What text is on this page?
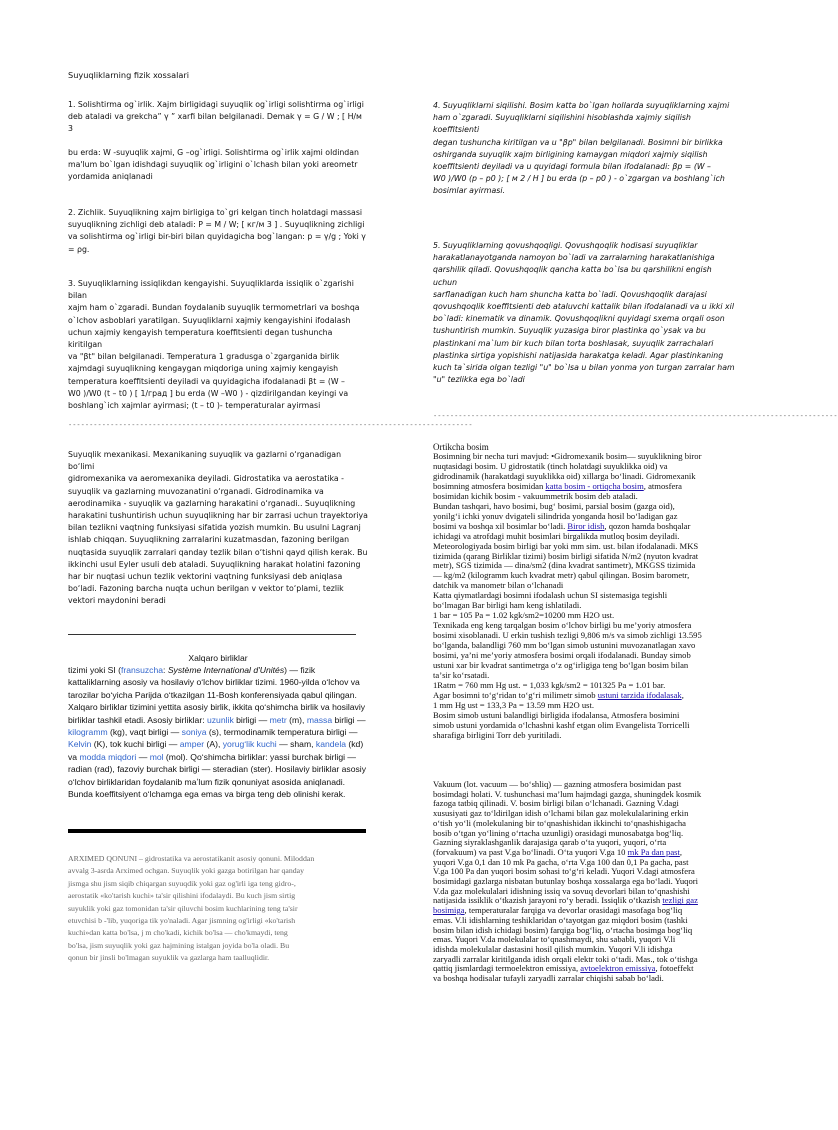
Suyuqliklarning fizik xossalari
1. Solishtirma og`irlik. Xajm birligidagi suyuqlik og`irligi solishtirma og`irligi
deb ataladi va grekcha” γ ” xarfi bilan belgilanadi. Demak γ = G / W ; [ Н/м 3
bu erda: W -suyuqlik xajmi, G –og`irligi. Solishtirma og`irlik xajmi oldindan
ma'lum bo`lgan idishdagi suyuqlik og`irligini o`lchash bilan yoki areometr
yordamida aniqlanadi
2. Zichlik. Suyuqlikning xajm birligiga to`gri kelgan tinch holatdagi massasi
suyuqlikning zichligi deb ataladi: P = M / W; [ кг/м 3 ] . Suyuqlikning zichligi
va solishtirma og`irligi bir-biri bilan quyidagicha bog`langan: р = γ/g ; Yoki γ
= ρg.
3. Suyuqliklarning issiqlikdan kengayishi. Suyuqliklarda issiqlik o`zgarishi bilan
xajm ham o`zgaradi. Bundan foydalanib suyuqlik termometrlari va boshqa
o`lchov asboblari yaratilgan. Suyuqliklarni xajmiy kengayishini ifodalash
uchun xajmiy kengayish temperatura koeffitsienti degan tushuncha kiritilgan
va "βt" bilan belgilanadi. Temperatura 1 gradusga o`zgarganida birlik
xajmdagi suyuqlikning kengaygan miqdoriga uning xajmiy kengayish
temperatura koeffitsienti deyiladi va quyidagicha ifodalanadi βt = (W –
W0 )/W0 (t – t0 ) [ 1/град ] bu erda (W –W0 ) - qizdirilgandan keyingi va
boshlang`ich xajmlar ayirmasi; (t – t0 )- temperaturalar ayirmasi
------------------------------------------------------------------------------------------------
Suyuqlik mexanikasi. Mexanikaning suyuqlik va gazlarni o‘rganadigan bo‘limi
gidromexanika va aeromexanika deyiladi. Gidrostatika va aerostatika -
suyuqlik va gazlarning muvozanatini o‘rganadi. Gidrodinamika va
aerodinamika - suyuqlik va gazlarning harakatini o‘rganadi.. Suyuqlikning
harakatini tushuntirish uchun suyuqlikning har bir zarrasi uchun trayektoriya
bilan tezlikni vaqtning funksiyasi sifatida yozish mumkin. Bu usulni Lagranj
ishlab chiqqan. Suyuqlikning zarralarini kuzatmasdan, fazoning berilgan
nuqtasida suyuqlik zarralari qanday tezlik bilan o‘tishni qayd qilish kerak. Bu
ikkinchi usul Eyler usuli deb ataladi. Suyuqlikning harakat holatini fazoning
har bir nuqtasi uchun tezlik vektorini vaqtning funksiyasi deb aniqlasa
bo‘ladi. Fazoning barcha nuqta uchun berilgan v vektor to‘plami, tezlik
vektori maydonini beradi
Xalqaro birliklar
tizimi yoki SI (fransuzcha: Système International d'Unités) — fizik kattaliklarning asosiy va hosilaviy oʻlchov birliklar tizimi. 1960-yilda oʻlchov va tarozilar boʻyicha Parijda oʻtkazilgan 11-Bosh konferensiyada qabul qilingan. Xalqaro birliklar tizimini yettita asosiy birlik, ikkita qoʻshimcha birlik va hosilaviy birliklar tashkil etadi. Asosiy birliklar: uzunlik birligi — metr (m), massa birligi — kilogramm (kg), vaqt birligi — soniya (s), termodinamik temperatura birligi — Kelvin (K), tok kuchi birligi — amper (A), yorugʻlik kuchi — sham, kandela (kd) va modda miqdori — mol (mol). Qoʻshimcha birliklar: yassi burchak birligi — radian (rad), fazoviy burchak birligi — steradian (ster). Hosilaviy birliklar asosiy oʻlchov birliklaridan foydalanib maʼlum fizik qonuniyat asosida aniqlanadi. Bunda koeffitsiyent oʻlchamga ega emas va birga teng deb olinishi kerak.
ARXIMED QONUNI – gidrostatika va aerostatikanit asosiy qonuni. Miloddan
avvalg 3-asrda Arximed ochgan. Suyuqlik yoki gazga botirilgan har qanday
jismga shu jism siqib chiqargan suyuqdik yoki gaz og'irli iga teng gidro-,
aerostatik «ko'tarish kuchi» ta'sir qilishini ifodalaydi. Bu kuch jism sirtig
suyuklik yoki gaz tomonidan ta'sir qiluvchi bosim kuchlarining teng ta'sir
etuvchisi b -'lib, yuqoriga tik yo'naladi. Agar jismning og'irligi «ko'tarish
kuchi»dan katta bo'lsa, j m cho'kadi, kichik bo'lsa — cho'kmaydi, teng
bo'lsa, jism suyuqlik yoki gaz hajmining istalgan joyida bo'la oladi. Bu
qonun bir jinsli bo'lmagan suyuklik va gazlarga ham taalluqlidir.
4. Suyuqliklarni siqilishi. Bosim katta bo`lgan hollarda suyuqliklarning xajmi
ham o`zgaradi. Suyuqliklarni siqilishini hisoblashda xajmiy siqilish koeffitsienti
degan tushuncha kiritilgan va u "βр" bilan belgilanadi. Bosimni bir birlikka
oshirganda suyuqlik xajm birligining kamaygan miqdori xajmiy siqilish
koeffitsienti deyiladi va u quyidagi formula bilan ifodalanadi: βр = (W –
W0 )/W0 (р – р0 ); [ м 2 / Н ] bu erda (р – р0 ) - o`zgargan va boshlang`ich
bosimlar ayirmasi.
5. Suyuqliklarning qovushqoqligi. Qovushqoqlik hodisasi suyuqliklar
harakatlanayotganda namoyon bo`ladi va zarralarning harakatlanishiga
qarshilik qiladi. Qovushqoqlik qancha katta bo`lsa bu qarshilikni engish uchun
sarflanadigan kuch ham shuncha katta bo`ladi. Qovushqoqlik darajasi
qovushqoqlik koeffitsienti deb ataluvchi kattalik bilan ifodalanadi va u ikki xil
bo`ladi: kinematik va dinamik. Qovushqoqlikni quyidagi sxema orqali oson
tushuntirish mumkin. Suyuqlik yuzasiga biror plastinka qo`ysak va bu
plastinkani ma`lum bir kuch bilan torta boshlasak, suyuqlik zarrachalari
plastinka sirtiga yopishishi natijasida harakatga keladi. Agar plastinkaning
kuch ta`sirida olgan tezligi "u" bo`lsa u bilan yonma yon turgan zarralar ham
"u" tezlikka ega bo`ladi
------------------------------------------------------------------------------------------------
Ortikcha bosim
Bosimning bir necha turi mavjud: •Gidromexanik bosim— suyuklikning biror
nuqtasidagi bosim. U gidrostatik (tinch holatdagi suyuklikka oid) va
gidrodinamik (harakatdagi suyuklikka oid) xillarga boʻlinadi. Gidromexanik
bosimning atmosfera bosimidan katta bosim - ortiqcha bosim, atmosfera
bosimidan kichik bosim - vakuummetrik bosim deb ataladi.
Bundan tashqari, havo bosimi, bugʻ bosimi, parsial bosim (gazga oid),
yonilgʻi ichki yonuv dvigateli silindrida yonganda hosil boʻladigan gaz
bosimi va boshqa xil bosimlar boʻladi. Biror idish, qozon hamda boshqalar
ichidagi va atrofdagi muhit bosimlari birgalikda mutloq bosim deyiladi.
Meteorologiyada bosim birligi bar yoki mm sim. ust. bilan ifodalanadi. MKS
tizimida (qarang Birliklar tizimi) bosim birligi sifatida N/m2 (nyuton kvadrat
metr), SGS tizimida — dina/sm2 (dina kvadrat santimetr), MKGSS tizimida
— kg/m2 (kilogramm kuch kvadrat metr) qabul qilingan. Bosim barometr,
datchik va manometr bilan oʻlchanadi
Katta qiymatlardagi bosimni ifodalash uchun SI sistemasiga tegishli
boʻlmagan Bar birligi ham keng ishlatiladi.
1 bar = 105 Pa = 1.02 kgk/sm2=10200 mm H2O ust.
Texnikada eng keng tarqalgan bosim oʻlchov birligi bu meʼyoriy atmosfera
bosimi xisoblanadi. U erkin tushish tezligi 9,806 m/s va simob zichligi 13.595
boʻlganda, balandligi 760 mm boʻlgan simob ustunini muvozanatlagan xavo
bosimi, yaʼni meʼyoriy atmosfera bosimi orqali ifodalanadi. Bunday simob
ustuni xar bir kvadrat santimetrga oʻz ogʻirligiga teng boʻlgan bosim bilan
taʼsir koʻrsatadi.
1Ratm = 760 mm Hg ust. = 1,033 kgk/sm2 = 101325 Pa = 1.01 bar.
Agar bosimni toʻgʻridan toʻgʻri milimetr simob ustuni tarzida ifodalasak,
1 mm Hg ust = 133,3 Pa = 13.59 mm H2O ust.
Bosim simob ustuni balandligi birligida ifodalansa, Atmosfera bosimini
simob ustuni yordamida oʻlchashni kashf etgan olim Evangelista Torricelli
sharafiga birligini Torr deb yuritiladi.
Vakuum (lot. vacuum — boʻshliq) — gazning atmosfera bosimidan past
bosimdagi holati. V. tushunchasi maʼlum hajmdagi gazga, shuningdek kosmik
fazoga tatbiq qilinadi. V. bosim birligi bilan oʻlchanadi. Gazning V.dagi
xususiyati gaz toʻldirilgan idish oʻlchami bilan gaz molekulalarining erkin
oʻtish yoʻli (molekulaning bir toʻqnashishidan ikkinchi toʻqnashishigacha
bosib oʻtgan yoʻlining oʻrtacha uzunligi) orasidagi munosabatga bogʻliq.
Gazning siyraklashganlik darajasiga qarab oʻta yuqori, yuqori, oʻrta
(forvakuum) va past V.ga boʻlinadi. Oʻta yuqori V.ga 10 mk Pa dan past,
yuqori V.ga 0,1 dan 10 mk Pa gacha, oʻrta V.ga 100 dan 0,1 Pa gacha, past
V.ga 100 Pa dan yuqori bosim sohasi toʻgʻri keladi. Yuqori V.dagi atmosfera
bosimidagi gazlarga nisbatan butunlay boshqa xossalarga ega boʻladi. Yuqori
V.da gaz molekulalari idishning issiq va sovuq devorlari bilan toʻqnashishi
natijasida issiklik oʻtkazish jarayoni roʻy beradi. Issiqlik oʻtkazish tezligi gaz
bosimiga, temperaturalar farqiga va devorlar orasidagi masofaga bogʻliq
emas. V.li idishlarning teshiklaridan oʻtayotgan gaz miqdori bosim (tashki
bosim bilan idish ichidagi bosim) farqiga bogʻliq, oʻrtacha bosimga bogʻliq
emas. Yuqori V.da molekulalar toʻqnashmaydi, shu sababli, yuqori V.li
idishda molekulalar dastasini hosil qilish mumkin. Yuqori V.li idishga
zaryadli zarralar kiritilganda idish orqali elektr toki oʻtadi. Mas., tok oʻtishga
qattiq jismlardagi termoelektron emissiya, avtoelektron emissiya, fotoeffekt
va boshqa hodisalar tufayli zaryadli zarralar chiqishi sabab boʻladi.
